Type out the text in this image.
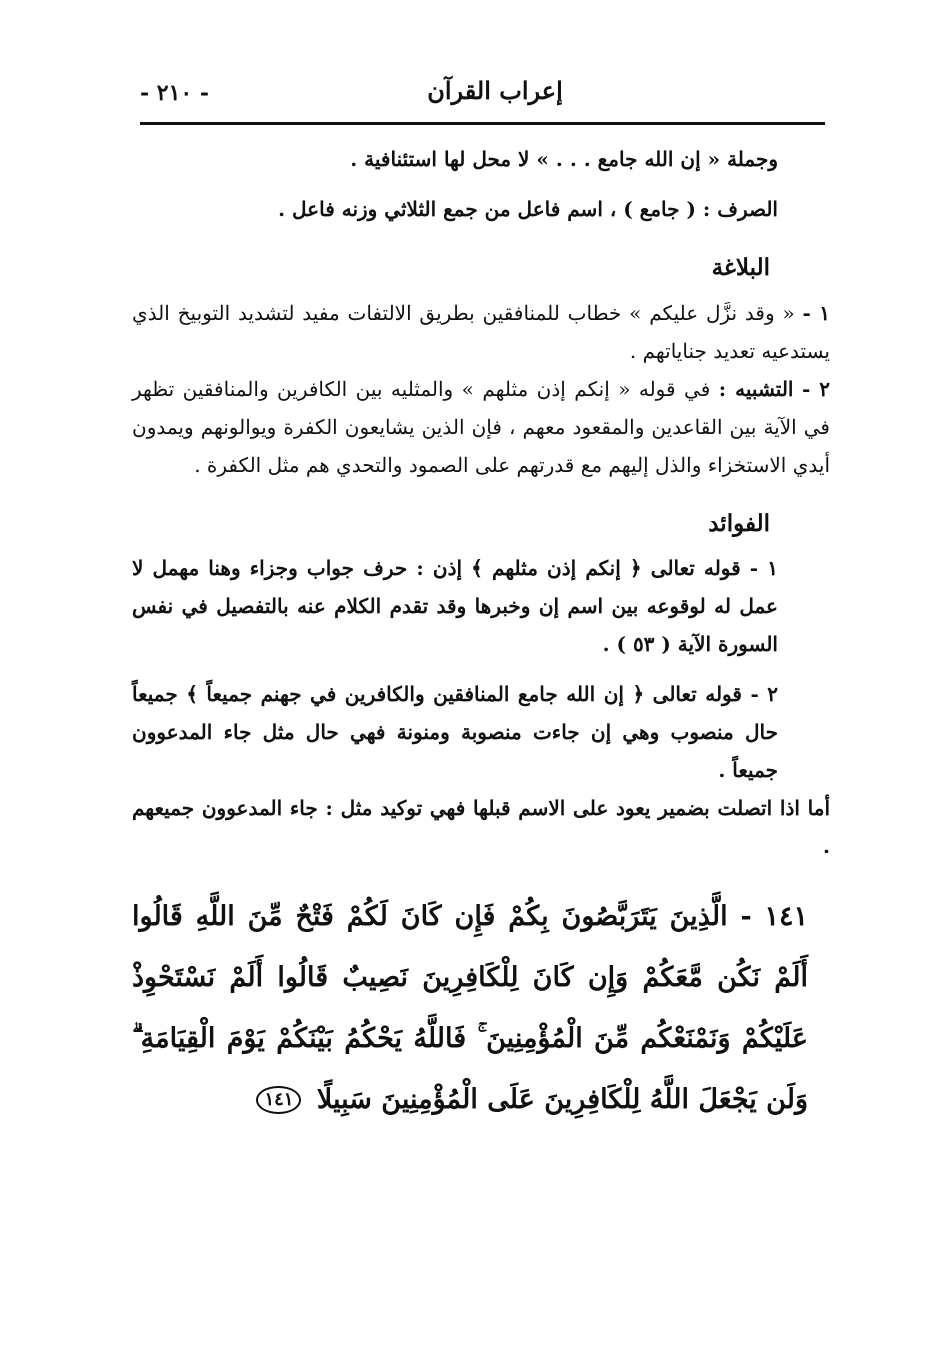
إعراب القرآن
- ٢١٠ -

وجملة « إن الله جامع . . . » لا محل لها استئنافية .

الصرف : ( جامع ) ، اسم فاعل من جمع الثلاثي وزنه فاعل .

البلاغة

١ - « وقد نزَّل عليكم » خطاب للمنافقين بطريق الالتفات مفيد لتشديد التوبيخ الذي يستدعيه تعديد جناياتهم .

٢ - التشبيه : في قوله « إنكم إذن مثلهم » والمثليه بين الكافرين والمنافقين تظهر في الآية بين القاعدين والمقعود معهم ، فإن الذين يشايعون الكفرة ويوالونهم ويمدون أيدي الاستخزاء والذل إليهم مع قدرتهم على الصمود والتحدي هم مثل الكفرة .

الفوائد

١ - قوله تعالى ﴿ إنكم إذن مثلهم ﴾ إذن : حرف جواب وجزاء وهنا مهمل لا عمل له لوقوعه بين اسم إن وخبرها وقد تقدم الكلام عنه بالتفصيل في نفس السورة الآية ( ٥٣ ) .

٢ - قوله تعالى ﴿ إن الله جامع المنافقين والكافرين في جهنم جميعاً ﴾ جميعاً حال منصوب وهي إن جاءت منصوبة ومنونة فهي حال مثل جاء المدعوون جميعاً .

أما اذا اتصلت بضمير يعود على الاسم قبلها فهي توكيد مثل : جاء المدعوون جميعهم .

١٤١ - الَّذِينَ يَتَرَبَّصُونَ بِكُمْ فَإِن كَانَ لَكُمْ فَتْحٌ مِّنَ اللَّهِ قَالُوا أَلَمْ نَكُن مَّعَكُمْ وَإِن كَانَ لِلْكَافِرِينَ نَصِيبٌ قَالُوا أَلَمْ نَسْتَحْوِذْ عَلَيْكُمْ وَنَمْنَعْكُم مِّنَ الْمُؤْمِنِينَ ۚ فَاللَّهُ يَحْكُمُ بَيْنَكُمْ يَوْمَ الْقِيَامَةِ ۗ وَلَن يَجْعَلَ اللَّهُ لِلْكَافِرِينَ عَلَى الْمُؤْمِنِينَ سَبِيلًا ١٤١
